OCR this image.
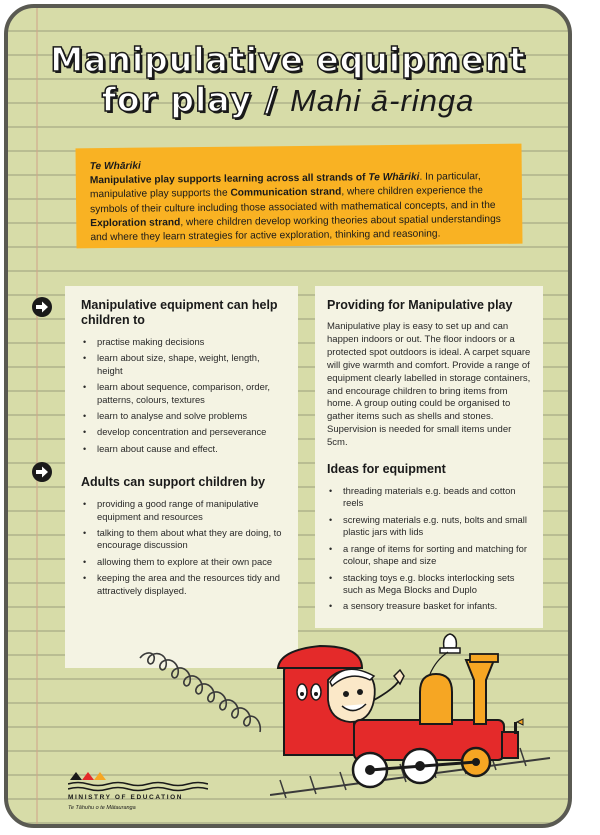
Manipulative equipment
for play / Mahi ā-ringa
Te Whāriki
Manipulative play supports learning across all strands of Te Whāriki. In particular, manipulative play supports the Communication strand, where children experience the symbols of their culture including those associated with mathematical concepts, and in the Exploration strand, where children develop working theories about spatial understandings and where they learn strategies for active exploration, thinking and reasoning.
Manipulative equipment can help children to
• practise making decisions
• learn about size, shape, weight, length, height
• learn about sequence, comparison, order, patterns, colours, textures
• learn to analyse and solve problems
• develop concentration and perseverance
• learn about cause and effect.
Adults can support children by
• providing a good range of manipulative equipment and resources
• talking to them about what they are doing, to encourage discussion
• allowing them to explore at their own pace
• keeping the area and the resources tidy and attractively displayed.
Providing for Manipulative play

Manipulative play is easy to set up and can happen indoors or out. The floor indoors or a protected spot outdoors is ideal. A carpet square will give warmth and comfort. Provide a range of equipment clearly labelled in storage containers, and encourage children to bring items from home. A group outing could be organised to gather items such as shells and stones. Supervision is needed for small items under 5cm.

Ideas for equipment
• threading materials e.g. beads and cotton reels
• screwing materials e.g. nuts, bolts and small plastic jars with lids
• a range of items for sorting and matching for colour, shape and size
• stacking toys e.g. blocks interlocking sets such as Mega Blocks and Duplo
• a sensory treasure basket for infants.
MINISTRY OF EDUCATION
Te Tāhuhu o te Mātauranga
